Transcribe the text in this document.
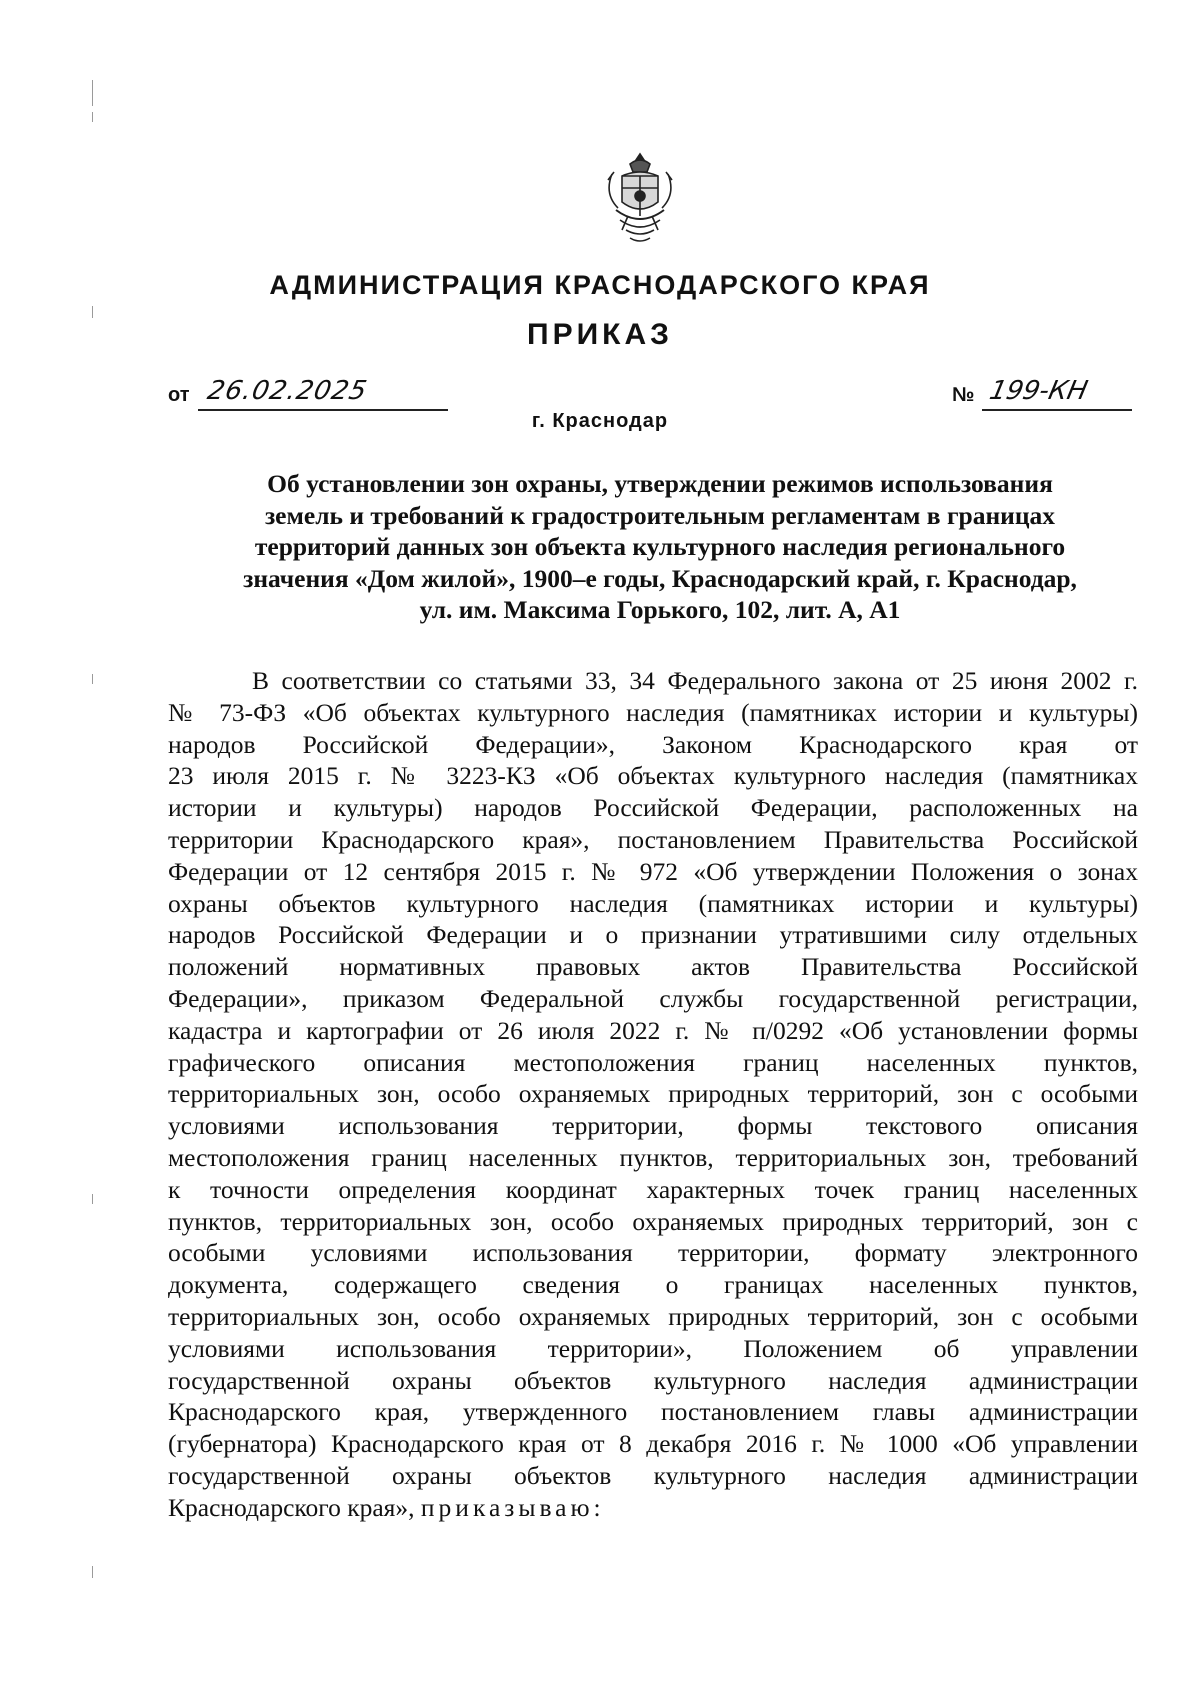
АДМИНИСТРАЦИЯ КРАСНОДАРСКОГО КРАЯ
ПРИКАЗ
от 26.02.2025	№ 199-КН
г. Краснодар
Об установлении зон охраны, утверждении режимов использования
земель и требований к градостроительным регламентам в границах
территорий данных зон объекта культурного наследия регионального
значения «Дом жилой», 1900–е годы, Краснодарский край, г. Краснодар,
ул. им. Максима Горького, 102, лит. А, А1
В соответствии со статьями 33, 34 Федерального закона от 25 июня 2002 г.
№ 73-ФЗ «Об объектах культурного наследия (памятниках истории и культуры)
народов Российской Федерации», Законом Краснодарского края от
23 июля 2015 г. № 3223-КЗ «Об объектах культурного наследия (памятниках
истории и культуры) народов Российской Федерации, расположенных на
территории Краснодарского края», постановлением Правительства Российской
Федерации от 12 сентября 2015 г. № 972 «Об утверждении Положения о зонах
охраны объектов культурного наследия (памятниках истории и культуры)
народов Российской Федерации и о признании утратившими силу отдельных
положений нормативных правовых актов Правительства Российской
Федерации», приказом Федеральной службы государственной регистрации,
кадастра и картографии от 26 июля 2022 г. № п/0292 «Об установлении формы
графического описания местоположения границ населенных пунктов,
территориальных зон, особо охраняемых природных территорий, зон с особыми
условиями использования территории, формы текстового описания
местоположения границ населенных пунктов, территориальных зон, требований
к точности определения координат характерных точек границ населенных
пунктов, территориальных зон, особо охраняемых природных территорий, зон с
особыми условиями использования территории, формату электронного
документа, содержащего сведения о границах населенных пунктов,
территориальных зон, особо охраняемых природных территорий, зон с особыми
условиями использования территории», Положением об управлении
государственной охраны объектов культурного наследия администрации
Краснодарского края, утвержденного постановлением главы администрации
(губернатора) Краснодарского края от 8 декабря 2016 г. № 1000 «Об управлении
государственной охраны объектов культурного наследия администрации
Краснодарского края», приказываю:
